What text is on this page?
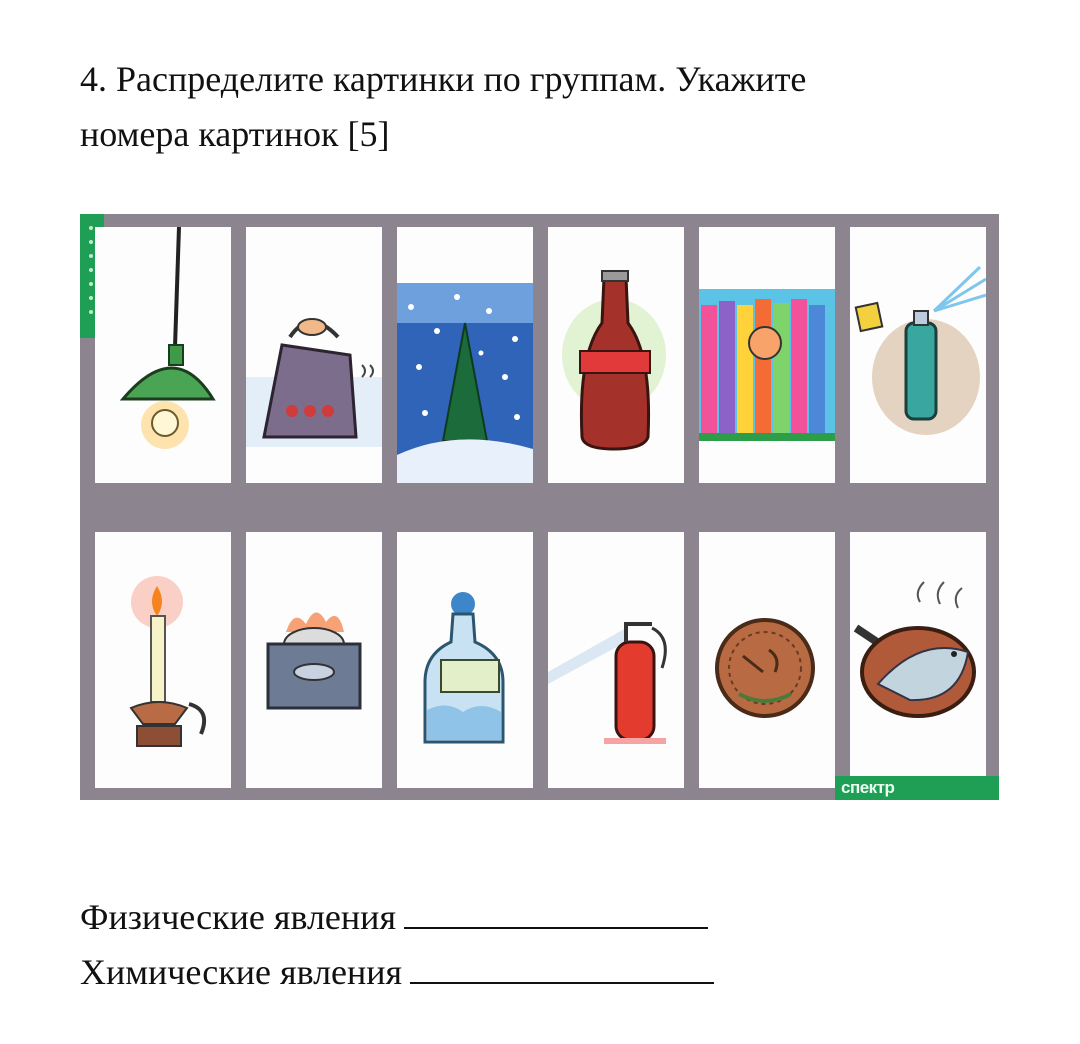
4. Распределите картинки по группам. Укажите
номера картинок [5]
спектр
Физические явления
Химические явления
